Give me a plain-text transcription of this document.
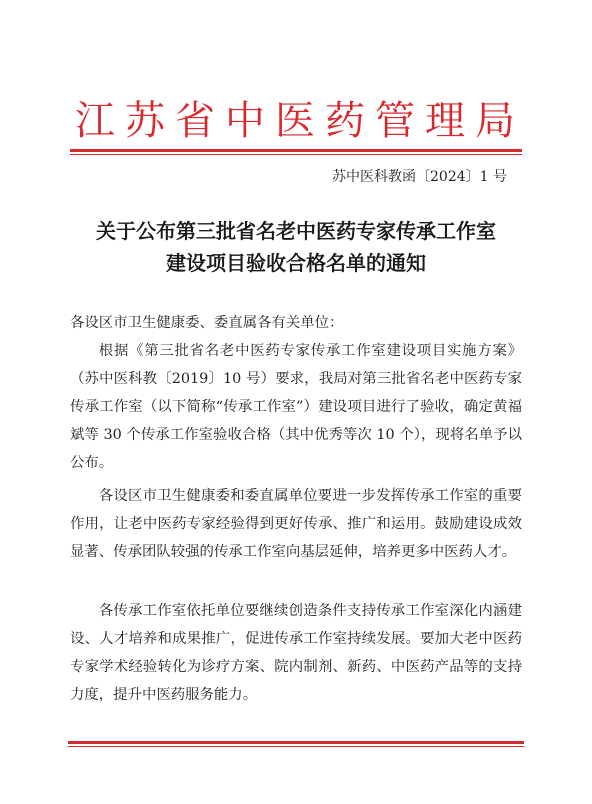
江苏省中医药管理局
苏中医科教函〔2024〕1 号
关于公布第三批省名老中医药专家传承工作室
建设项目验收合格名单的通知
各设区市卫生健康委、委直属各有关单位：

根据《第三批省名老中医药专家传承工作室建设项目实施方案》（苏中医科教〔2019〕10 号）要求，我局对第三批省名老中医药专家传承工作室（以下简称“传承工作室”）建设项目进行了验收，确定黄福斌等 30 个传承工作室验收合格（其中优秀等次 10 个），现将名单予以公布。

各设区市卫生健康委和委直属单位要进一步发挥传承工作室的重要作用，让老中医药专家经验得到更好传承、推广和运用。鼓励建设成效显著、传承团队较强的传承工作室向基层延伸，培养更多中医药人才。

各传承工作室依托单位要继续创造条件支持传承工作室深化内涵建设、人才培养和成果推广，促进传承工作室持续发展。要加大老中医药专家学术经验转化为诊疗方案、院内制剂、新药、中医药产品等的支持力度，提升中医药服务能力。
